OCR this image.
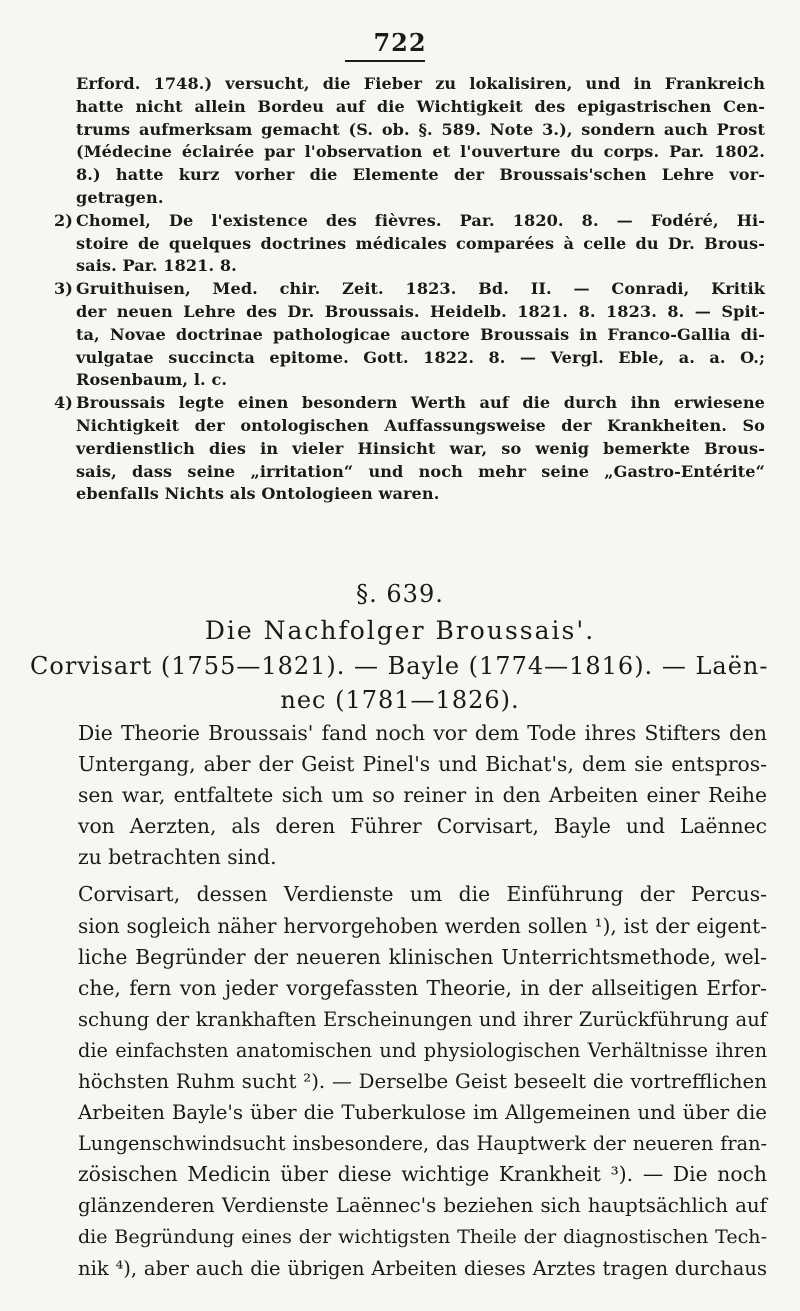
722
Erford. 1748.) versucht, die Fieber zu lokalisiren, und in Frankreich
hatte nicht allein Bordeu auf die Wichtigkeit des epigastrischen Cen-
trums aufmerksam gemacht (S. ob. §. 589. Note 3.), sondern auch Prost
(Médecine éclairée par l'observation et l'ouverture du corps. Par. 1802.
8.) hatte kurz vorher die Elemente der Broussais'schen Lehre vor-
getragen.
2) Chomel, De l'existence des fièvres. Par. 1820. 8. — Fodéré, Hi-
stoire de quelques doctrines médicales comparées à celle du Dr. Brous-
sais. Par. 1821. 8.
3) Gruithuisen, Med. chir. Zeit. 1823. Bd. II. — Conradi, Kritik
der neuen Lehre des Dr. Broussais. Heidelb. 1821. 8. 1823. 8. — Spit-
ta, Novae doctrinae pathologicae auctore Broussais in Franco-Gallia di-
vulgatae succincta epitome. Gott. 1822. 8. — Vergl. Eble, a. a. O.;
Rosenbaum, l. c.
4) Broussais legte einen besondern Werth auf die durch ihn erwiesene
Nichtigkeit der ontologischen Auffassungsweise der Krankheiten. So
verdienstlich dies in vieler Hinsicht war, so wenig bemerkte Brous-
sais, dass seine „irritation“ und noch mehr seine „Gastro-Entérite“
ebenfalls Nichts als Ontologieen waren.
§. 639.
Die Nachfolger Broussais'.
Corvisart (1755—1821). — Bayle (1774—1816). — Laën-
nec (1781—1826).
Die Theorie Broussais' fand noch vor dem Tode ihres Stifters den
Untergang, aber der Geist Pinel's und Bichat's, dem sie entspros-
sen war, entfaltete sich um so reiner in den Arbeiten einer Reihe
von Aerzten, als deren Führer Corvisart, Bayle und Laënnec
zu betrachten sind.
Corvisart, dessen Verdienste um die Einführung der Percus-
sion sogleich näher hervorgehoben werden sollen ¹), ist der eigent-
liche Begründer der neueren klinischen Unterrichtsmethode, wel-
che, fern von jeder vorgefassten Theorie, in der allseitigen Erfor-
schung der krankhaften Erscheinungen und ihrer Zurückführung auf
die einfachsten anatomischen und physiologischen Verhältnisse ihren
höchsten Ruhm sucht ²). — Derselbe Geist beseelt die vortrefflichen
Arbeiten Bayle's über die Tuberkulose im Allgemeinen und über die
Lungenschwindsucht insbesondere, das Hauptwerk der neueren fran-
zösischen Medicin über diese wichtige Krankheit ³). — Die noch
glänzenderen Verdienste Laënnec's beziehen sich hauptsächlich auf
die Begründung eines der wichtigsten Theile der diagnostischen Tech-
nik ⁴), aber auch die übrigen Arbeiten dieses Arztes tragen durchaus
